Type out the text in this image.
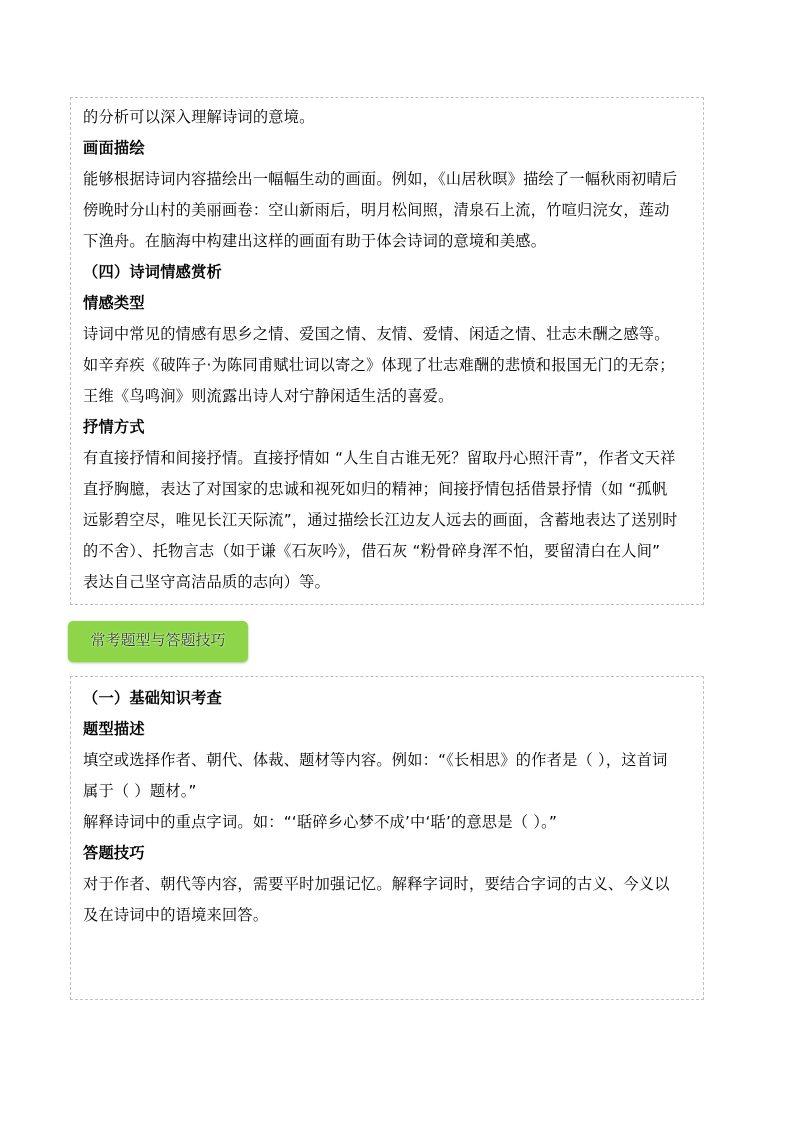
的分析可以深入理解诗词的意境。
画面描绘
能够根据诗词内容描绘出一幅幅生动的画面。例如，《山居秋暝》描绘了一幅秋雨初晴后
傍晚时分山村的美丽画卷：空山新雨后，明月松间照，清泉石上流，竹喧归浣女，莲动
下渔舟。在脑海中构建出这样的画面有助于体会诗词的意境和美感。
（四）诗词情感赏析
情感类型
诗词中常见的情感有思乡之情、爱国之情、友情、爱情、闲适之情、壮志未酬之感等。
如辛弃疾《破阵子·为陈同甫赋壮词以寄之》体现了壮志难酬的悲愤和报国无门的无奈；
王维《鸟鸣涧》则流露出诗人对宁静闲适生活的喜爱。
抒情方式
有直接抒情和间接抒情。直接抒情如 “人生自古谁无死？留取丹心照汗青”，作者文天祥
直抒胸臆，表达了对国家的忠诚和视死如归的精神；间接抒情包括借景抒情（如 “孤帆
远影碧空尽，唯见长江天际流”，通过描绘长江边友人远去的画面，含蓄地表达了送别时
的不舍）、托物言志（如于谦《石灰吟》，借石灰 “粉骨碎身浑不怕，要留清白在人间”
表达自己坚守高洁品质的志向）等。
常考题型与答题技巧
（一）基础知识考查
题型描述
填空或选择作者、朝代、体裁、题材等内容。例如：“《长相思》的作者是（ ），这首词
属于（ ）题材。”
解释诗词中的重点字词。如：“‘聒碎乡心梦不成’中‘聒’的意思是（ ）。”
答题技巧
对于作者、朝代等内容，需要平时加强记忆。解释字词时，要结合字词的古义、今义以
及在诗词中的语境来回答。
